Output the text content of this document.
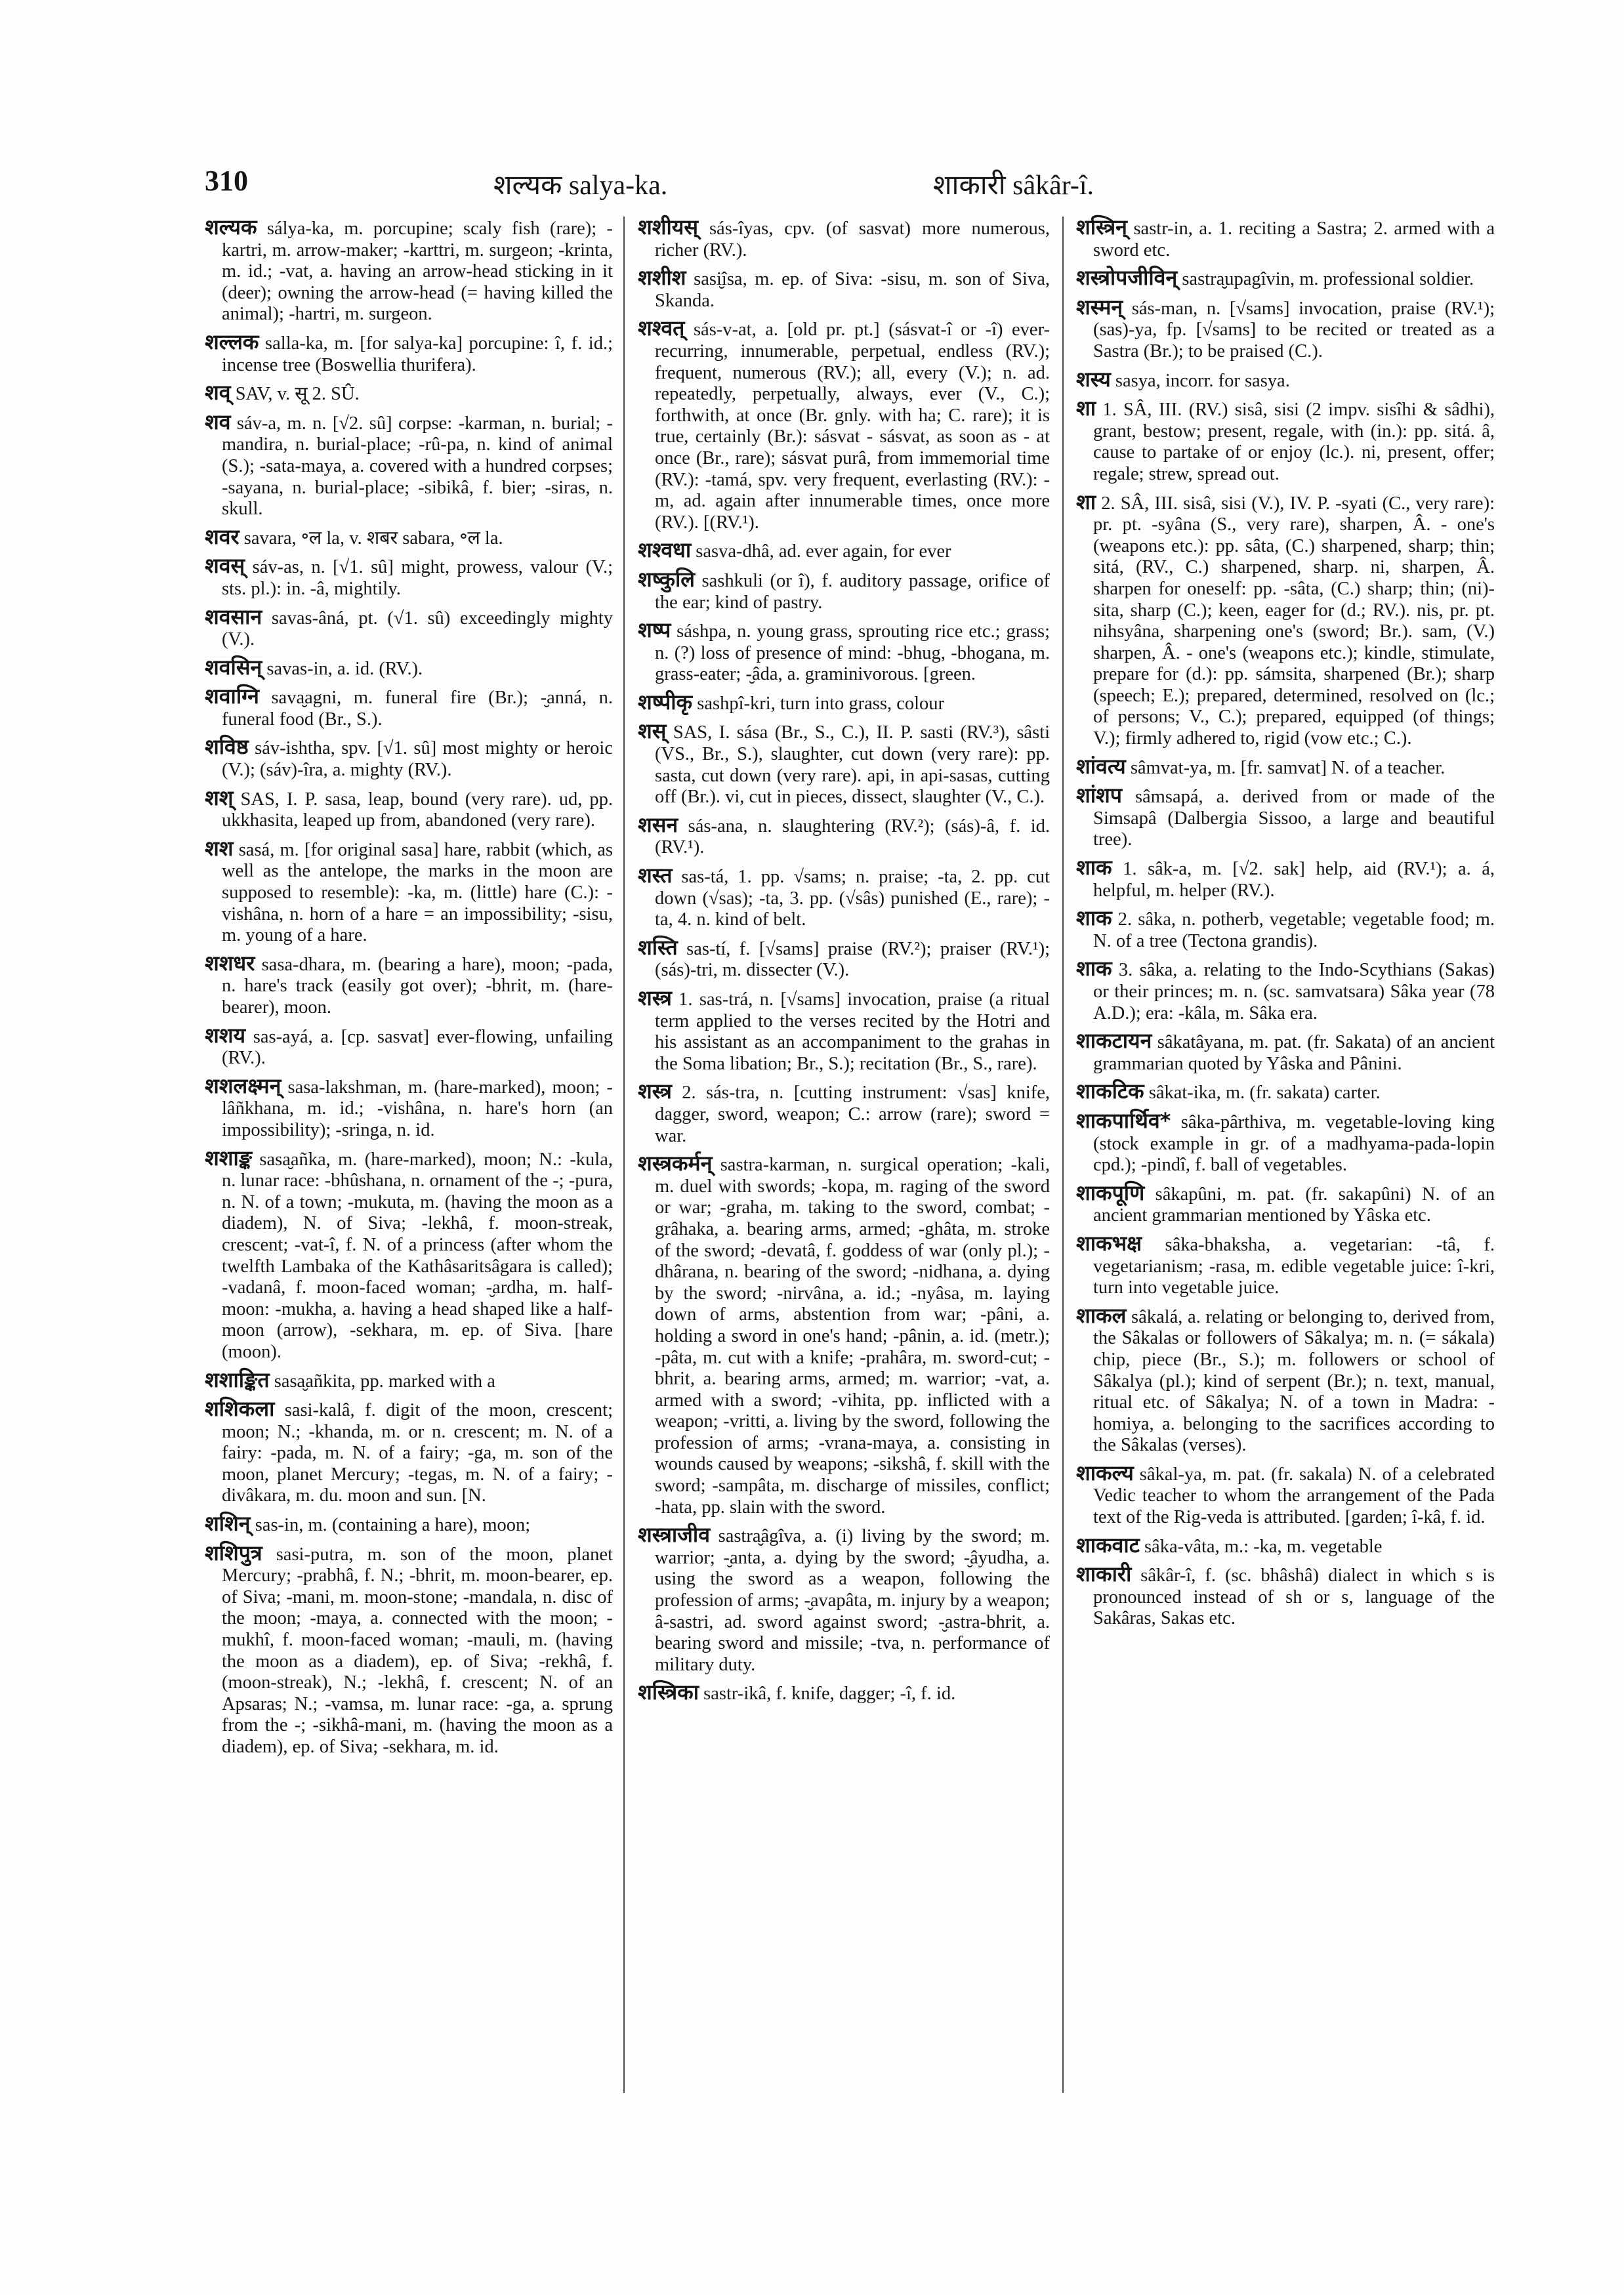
310	शल्यक salya-ka.	शाकारी sâkâr-î.

शल्यक sálya-ka, m. porcupine; scaly fish (rare); -kartri, m. arrow-maker; -karttri, m. surgeon; -krinta, m. id.; -vat, a. having an arrow-head sticking in it (deer); owning the arrow-head (= having killed the animal); -hartri, m. surgeon.

शल्लक salla-ka, m. [for salya-ka] porcupine: î, f. id.; incense tree (Boswellia thurifera).

शव् SAV, v. सू 2. SÛ.

शव sáv-a, m. n. [√2. sû] corpse: -karman, n. burial; -mandira, n. burial-place; -rû-pa, n. kind of animal (S.); -sata-maya, a. covered with a hundred corpses; -sayana, n. burial-place; -sibikâ, f. bier; -siras, n. skull.

शवर savara, ॰ल la, v. शबर sabara, ॰ल la.

शवस् sáv-as, n. [√1. sû] might, prowess, valour (V.; sts. pl.): in. -â, mightily.

शवसान savas-âná, pt. (√1. sû) exceedingly mighty (V.).

शवसिन् savas-in, a. id. (RV.).

शवाग्नि sava̮agni, m. funeral fire (Br.); -̮anná, n. funeral food (Br., S.).

शविष्ठ sáv-ishtha, spv. [√1. sû] most mighty or heroic (V.); (sáv)-îra, a. mighty (RV.).

शश् SAS, I. P. sasa, leap, bound (very rare). ud, pp. ukkhasita, leaped up from, abandoned (very rare).

शश sasá, m. [for original sasa] hare, rabbit (which, as well as the antelope, the marks in the moon are supposed to resemble): -ka, m. (little) hare (C.): -vishâna, n. horn of a hare = an impossibility; -sisu, m. young of a hare.

शशधर sasa-dhara, m. (bearing a hare), moon; -pada, n. hare's track (easily got over); -bhrit, m. (hare-bearer), moon.

शशय sas-ayá, a. [cp. sasvat] ever-flowing, unfailing (RV.).

शशलक्ष्मन् sasa-lakshman, m. (hare-marked), moon; -lâñkhana, m. id.; -vishâna, n. hare's horn (an impossibility); -sringa, n. id.

शशाङ्क sasa̮añka, m. (hare-marked), moon; N.: -kula, n. lunar race: -bhûshana, n. ornament of the -; -pura, n. N. of a town; -mukuta, m. (having the moon as a diadem), N. of Siva; -lekhâ, f. moon-streak, crescent; -vat-î, f. N. of a princess (after whom the twelfth Lambaka of the Kathâsaritsâgara is called); -vadanâ, f. moon-faced woman; -̮ardha, m. half-moon: -mukha, a. having a head shaped like a half-moon (arrow), -sekhara, m. ep. of Siva. [hare (moon).

शशाङ्कित sasa̮añkita, pp. marked with a

शशिकला sasi-kalâ, f. digit of the moon, crescent; moon; N.; -khanda, m. or n. crescent; m. N. of a fairy: -pada, m. N. of a fairy; -ga, m. son of the moon, planet Mercury; -tegas, m. N. of a fairy; -divâkara, m. du. moon and sun. [N.

शशिन् sas-in, m. (containing a hare), moon;

शशिपुत्र sasi-putra, m. son of the moon, planet Mercury; -prabhâ, f. N.; -bhrit, m. moon-bearer, ep. of Siva; -mani, m. moon-stone; -mandala, n. disc of the moon; -maya, a. connected with the moon; -mukhî, f. moon-faced woman; -mauli, m. (having the moon as a diadem), ep. of Siva; -rekhâ, f. (moon-streak), N.; -lekhâ, f. crescent; N. of an Apsaras; N.; -vamsa, m. lunar race: -ga, a. sprung from the -; -sikhâ-mani, m. (having the moon as a diadem), ep. of Siva; -sekhara, m. id.

शशीयस् sás-îyas, cpv. (of sasvat) more numerous, richer (RV.).

शशीश sasi̮îsa, m. ep. of Siva: -sisu, m. son of Siva, Skanda.

शश्वत् sás-v-at, a. [old pr. pt.] (sásvat-î or -î) ever-recurring, innumerable, perpetual, endless (RV.); frequent, numerous (RV.); all, every (V.); n. ad. repeatedly, perpetually, always, ever (V., C.); forthwith, at once (Br. gnly. with ha; C. rare); it is true, certainly (Br.): sásvat - sásvat, as soon as - at once (Br., rare); sásvat purâ, from immemorial time (RV.): -tamá, spv. very frequent, everlasting (RV.): -m, ad. again after innumerable times, once more (RV.). [(RV.¹).

शश्वधा sasva-dhâ, ad. ever again, for ever

शष्कुलि sashkuli (or î), f. auditory passage, orifice of the ear; kind of pastry.

शष्प sáshpa, n. young grass, sprouting rice etc.; grass; n. (?) loss of presence of mind: -bhug, -bhogana, m. grass-eater; -̮âda, a. graminivorous. [green.

शष्पीकृ sashpî-kri, turn into grass, colour

शस् SAS, I. sása (Br., S., C.), II. P. sasti (RV.³), sâsti (VS., Br., S.), slaughter, cut down (very rare): pp. sasta, cut down (very rare). api, in api-sasas, cutting off (Br.). vi, cut in pieces, dissect, slaughter (V., C.).

शसन sás-ana, n. slaughtering (RV.²); (sás)-â, f. id. (RV.¹).

शस्त sas-tá, 1. pp. √sams; n. praise; -ta, 2. pp. cut down (√sas); -ta, 3. pp. (√sâs) punished (E., rare); -ta, 4. n. kind of belt.

शस्ति sas-tí, f. [√sams] praise (RV.²); praiser (RV.¹); (sás)-tri, m. dissecter (V.).

शस्त्र 1. sas-trá, n. [√sams] invocation, praise (a ritual term applied to the verses recited by the Hotri and his assistant as an accompaniment to the grahas in the Soma libation; Br., S.); recitation (Br., S., rare).

शस्त्र 2. sás-tra, n. [cutting instrument: √sas] knife, dagger, sword, weapon; C.: arrow (rare); sword = war.

शस्त्रकर्मन् sastra-karman, n. surgical operation; -kali, m. duel with swords; -kopa, m. raging of the sword or war; -graha, m. taking to the sword, combat; -grâhaka, a. bearing arms, armed; -ghâta, m. stroke of the sword; -devatâ, f. goddess of war (only pl.); -dhârana, n. bearing of the sword; -nidhana, a. dying by the sword; -nirvâna, a. id.; -nyâsa, m. laying down of arms, abstention from war; -pâni, a. holding a sword in one's hand; -pânin, a. id. (metr.); -pâta, m. cut with a knife; -prahâra, m. sword-cut; -bhrit, a. bearing arms, armed; m. warrior; -vat, a. armed with a sword; -vihita, pp. inflicted with a weapon; -vritti, a. living by the sword, following the profession of arms; -vrana-maya, a. consisting in wounds caused by weapons; -sikshâ, f. skill with the sword; -sampâta, m. discharge of missiles, conflict; -hata, pp. slain with the sword.

शस्त्राजीव sastra̮âgîva, a. (i) living by the sword; m. warrior; -̮anta, a. dying by the sword; -̮âyudha, a. using the sword as a weapon, following the profession of arms; -̮avapâta, m. injury by a weapon; â-sastri, ad. sword against sword; -̮astra-bhrit, a. bearing sword and missile; -tva, n. performance of military duty.

शस्त्रिका sastr-ikâ, f. knife, dagger; -î, f. id.

शस्त्रिन् sastr-in, a. 1. reciting a Sastra; 2. armed with a sword etc.

शस्त्रोपजीविन् sastra̮upagîvin, m. professional soldier.

शस्मन् sás-man, n. [√sams] invocation, praise (RV.¹); (sas)-ya, fp. [√sams] to be recited or treated as a Sastra (Br.); to be praised (C.).

शस्य sasya, incorr. for sasya.

शा 1. SÂ, III. (RV.) sisâ, sisi (2 impv. sisîhi & sâdhi), grant, bestow; present, regale, with (in.): pp. sitá. â, cause to partake of or enjoy (lc.). ni, present, offer; regale; strew, spread out.

शा 2. SÂ, III. sisâ, sisi (V.), IV. P. -syati (C., very rare): pr. pt. -syâna (S., very rare), sharpen, Â. - one's (weapons etc.): pp. sâta, (C.) sharpened, sharp; thin; sitá, (RV., C.) sharpened, sharp. ni, sharpen, Â. sharpen for oneself: pp. -sâta, (C.) sharp; thin; (ni)-sita, sharp (C.); keen, eager for (d.; RV.). nis, pr. pt. nihsyâna, sharpening one's (sword; Br.). sam, (V.) sharpen, Â. - one's (weapons etc.); kindle, stimulate, prepare for (d.): pp. sámsita, sharpened (Br.); sharp (speech; E.); prepared, determined, resolved on (lc.; of persons; V., C.); prepared, equipped (of things; V.); firmly adhered to, rigid (vow etc.; C.).

शांवत्य sâmvat-ya, m. [fr. samvat] N. of a teacher.

शांशप sâmsapá, a. derived from or made of the Simsapâ (Dalbergia Sissoo, a large and beautiful tree).

शाक 1. sâk-a, m. [√2. sak] help, aid (RV.¹); a. á, helpful, m. helper (RV.).

शाक 2. sâka, n. potherb, vegetable; vegetable food; m. N. of a tree (Tectona grandis).

शाक 3. sâka, a. relating to the Indo-Scythians (Sakas) or their princes; m. n. (sc. samvatsara) Sâka year (78 A.D.); era: -kâla, m. Sâka era.

शाकटायन sâkatâyana, m. pat. (fr. Sakata) of an ancient grammarian quoted by Yâska and Pânini.

शाकटिक sâkat-ika, m. (fr. sakata) carter.

शाकपार्थिव* sâka-pârthiva, m. vegetable-loving king (stock example in gr. of a madhyama-pada-lopin cpd.); -pindî, f. ball of vegetables.

शाकपूणि sâkapûni, m. pat. (fr. sakapûni) N. of an ancient grammarian mentioned by Yâska etc.

शाकभक्ष sâka-bhaksha, a. vegetarian: -tâ, f. vegetarianism; -rasa, m. edible vegetable juice: î-kri, turn into vegetable juice.

शाकल sâkalá, a. relating or belonging to, derived from, the Sâkalas or followers of Sâkalya; m. n. (= sákala) chip, piece (Br., S.); m. followers or school of Sâkalya (pl.); kind of serpent (Br.); n. text, manual, ritual etc. of Sâkalya; N. of a town in Madra: -homiya, a. belonging to the sacrifices according to the Sâkalas (verses).

शाकल्य sâkal-ya, m. pat. (fr. sakala) N. of a celebrated Vedic teacher to whom the arrangement of the Pada text of the Rig-veda is attributed. [garden; î-kâ, f. id.

शाकवाट sâka-vâta, m.: -ka, m. vegetable

शाकारी sâkâr-î, f. (sc. bhâshâ) dialect in which s is pronounced instead of sh or s, language of the Sakâras, Sakas etc.
